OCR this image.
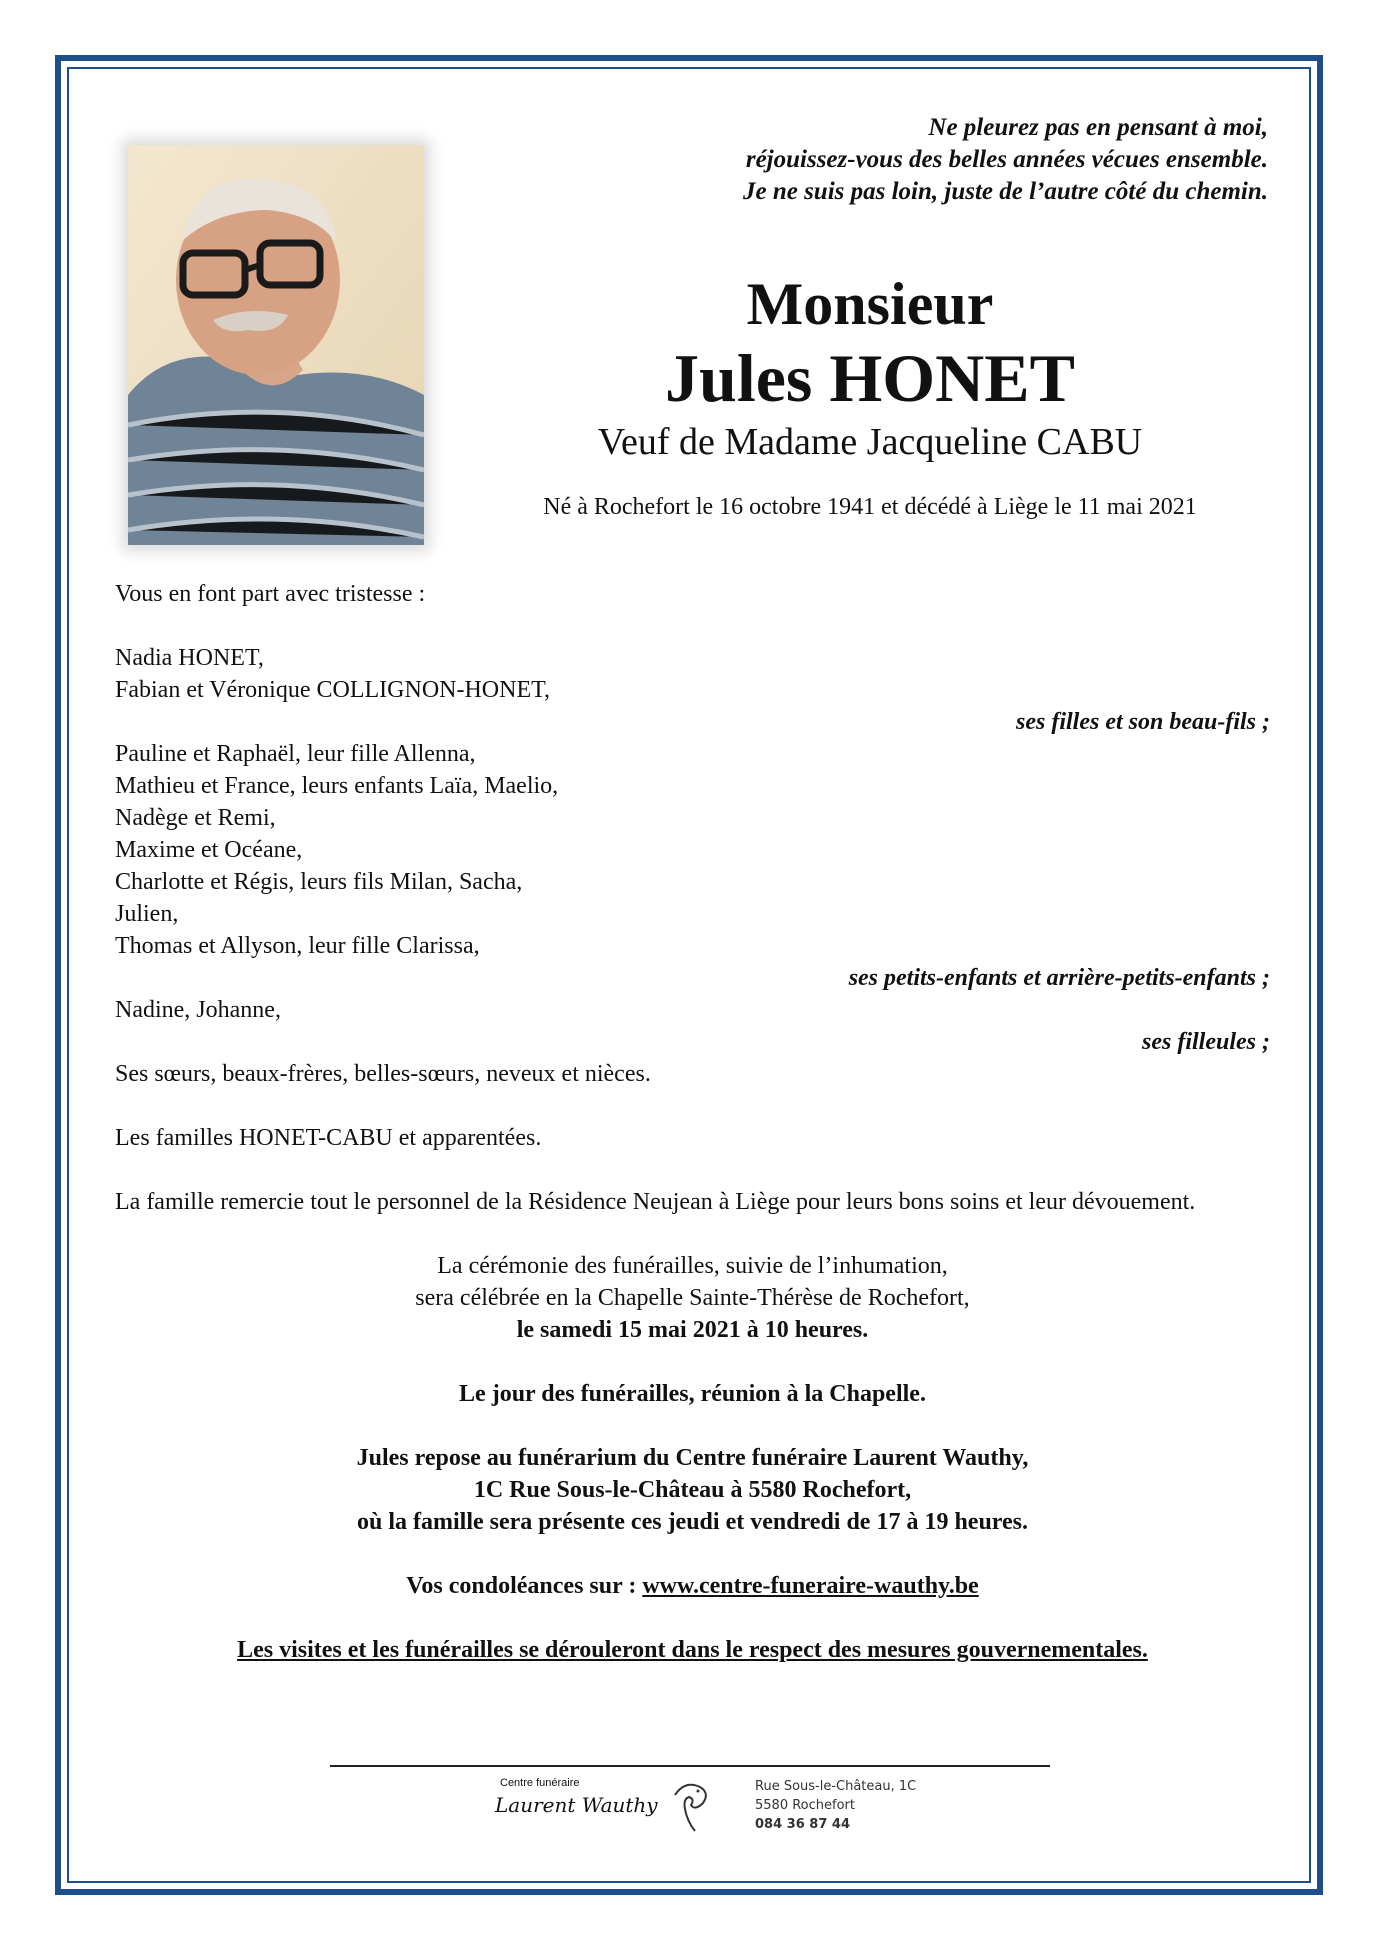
Ne pleurez pas en pensant à moi,
réjouissez-vous des belles années vécues ensemble.
Je ne suis pas loin, juste de l’autre côté du chemin.
Monsieur
Jules HONET
Veuf de Madame Jacqueline CABU
Né à Rochefort le 16 octobre 1941 et décédé à Liège le 11 mai 2021
Vous en font part avec tristesse :
Nadia HONET,
Fabian et Véronique COLLIGNON-HONET,
ses filles et son beau-fils ;
Pauline et Raphaël, leur fille Allenna,
Mathieu et France, leurs enfants Laïa, Maelio,
Nadège et Remi,
Maxime et Océane,
Charlotte et Régis, leurs fils Milan, Sacha,
Julien,
Thomas et Allyson, leur fille Clarissa,
ses petits-enfants et arrière-petits-enfants ;
Nadine, Johanne,
ses filleules ;
Ses sœurs, beaux-frères, belles-sœurs, neveux et nièces.
Les familles HONET-CABU et apparentées.
La famille remercie tout le personnel de la Résidence Neujean à Liège pour leurs bons soins et leur dévouement.
La cérémonie des funérailles, suivie de l’inhumation,
sera célébrée en la Chapelle Sainte-Thérèse de Rochefort,
le samedi 15 mai 2021 à 10 heures.
Le jour des funérailles, réunion à la Chapelle.
Jules repose au funérarium du Centre funéraire Laurent Wauthy,
1C Rue Sous-le-Château à 5580 Rochefort,
où la famille sera présente ces jeudi et vendredi de 17 à 19 heures.
Vos condoléances sur : www.centre-funeraire-wauthy.be
Les visites et les funérailles se dérouleront dans le respect des mesures gouvernementales.
Centre funéraire
Laurent Wauthy
Rue Sous-le-Château, 1C
5580 Rochefort
084 36 87 44
